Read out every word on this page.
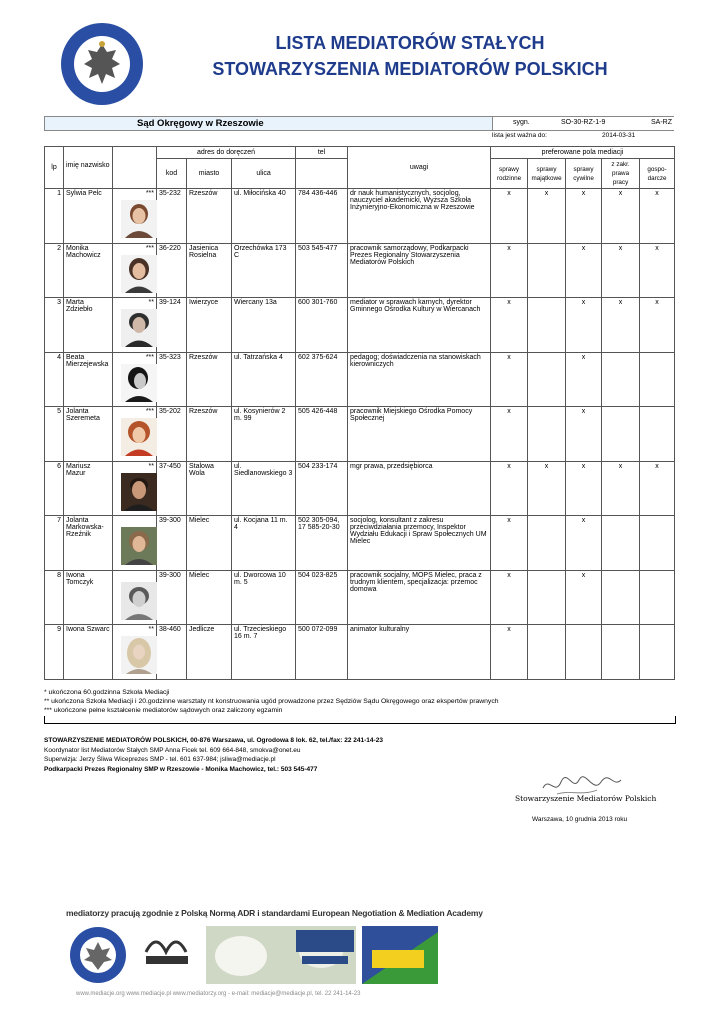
LISTA MEDIATORÓW STAŁYCH
STOWARZYSZENIA MEDIATORÓW POLSKICH
Sąd Okręgowy w Rzeszowie	sygn.	SO-30-RZ-1-9	SA-RZ
lista jest ważna do:	2014-03-31
lp	imię nazwisko		adres do doręczeń			tel	uwagi	preferowane pola mediacji				
			kod	miasto	ulica			sprawy rodzinne	sprawy majątkowe	sprawy cywilne	z zakr. prawa pracy	gospo- darcze
1	Sylwia Pelc	***	35-232	Rzeszów	ul. Miłocińska 40	784 436-446	dr nauk humanistycznych, socjolog, nauczyciel akademicki, Wyższa Szkoła Inżynieryjno-Ekonomiczna w Rzeszowie	x	x	x	x	x
2	Monika Machowicz	***	36-220	Jasienica Rosielna	Orzechówka 173 C	503 545-477	pracownik samorządowy, Podkarpacki Prezes Regionalny Stowarzyszenia Mediatorów Polskich	x		x	x	x
3	Marta Zdziebło	**	39-124	Iwierzyce	Wiercany 13a	600 301-760	mediator w sprawach karnych, dyrektor Gminnego Ośrodka Kultury w Wiercanach	x		x	x	x
4	Beata Mierzejewska	***	35-323	Rzeszów	ul. Tatrzańska 4	602 375-624	pedagog; doświadczenia na stanowiskach kierowniczych	x		x		
5	Jolanta Szeremeta	***	35-202	Rzeszów	ul. Kosynierów 2 m. 99	505 426-448	pracownik Miejskiego Ośrodka Pomocy Społecznej	x		x		
6	Mariusz Mazur	**	37-450	Stalowa Wola	ul. Siedlanowskiego 3	504 233-174	mgr prawa, przedsiębiorca	x	x	x	x	x
7	Jolanta Markowska-Rzeźnik		39-300	Mielec	ul. Kocjana 11 m. 4	502 305-094, 17 585-20-30	socjolog, konsultant z zakresu przeciwdziałania przemocy, Inspektor Wydziału Edukacji i Spraw Społecznych UM Mielec	x		x		
8	Iwona Tomczyk		39-300	Mielec	ul. Dworcowa 10 m. 5	504 023-825	pracownik socjalny, MOPS Mielec, praca z trudnym klientem, specjalizacja: przemoc domowa	x		x		
9	Iwona Szwarc	**	38-460	Jedlicze	ul. Trzecieskiego 16 m. 7	500 072-099	animator kulturalny	x				
* ukończona 60.godzinna Szkoła Mediacji
** ukończona Szkoła Mediacji i 20.godzinne warsztaty nt konstruowania ugód prowadzone przez Sędziów Sądu Okręgowego oraz ekspertów prawnych
*** ukończone pełne kształcenie mediatorów sądowych oraz zaliczony egzamin
STOWARZYSZENIE MEDIATORÓW POLSKICH, 00-876 Warszawa, ul. Ogrodowa 8 lok. 62, tel./fax: 22 241-14-23
Koordynator list Mediatorów Stałych SMP Anna Ficek tel. 609 664-848, smokva@onet.eu
Superwizja: Jerzy Śliwa Wiceprezes SMP - tel. 601 637-984; jsliwa@mediacje.pl
Podkarpacki Prezes Regionalny SMP w Rzeszowie - Monika Machowicz, tel.: 503 545-477
Stowarzyszenie Mediatorów Polskich
Warszawa, 10 grudnia 2013 roku
mediatorzy pracują zgodnie z Polską Normą ADR i standardami European Negotiation & Mediation Academy
www.mediacje.org www.mediacje.pl www.mediatorzy.org - e-mail: mediacje@mediacje.pl, tel. 22 241-14-23
